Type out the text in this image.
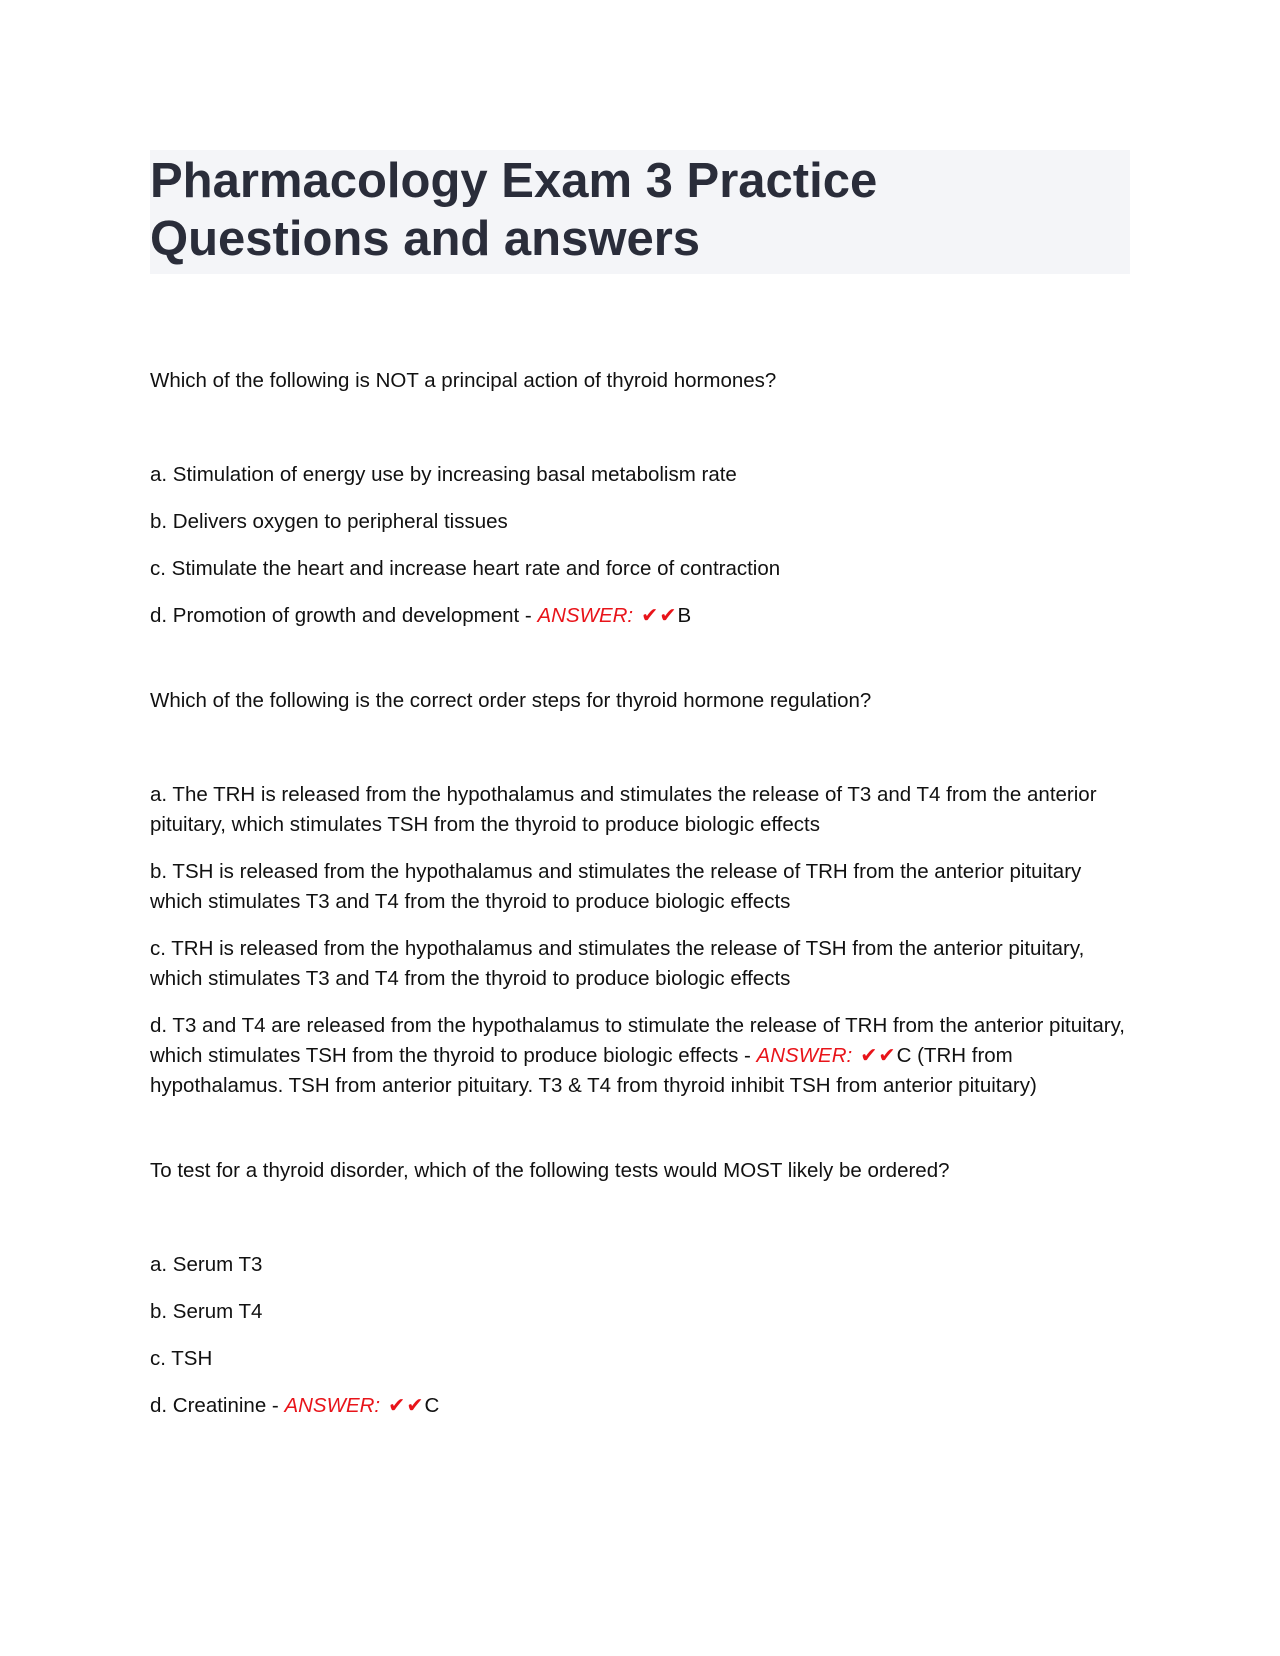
Pharmacology Exam 3 Practice Questions and answers

Which of the following is NOT a principal action of thyroid hormones?

a. Stimulation of energy use by increasing basal metabolism rate

b. Delivers oxygen to peripheral tissues

c. Stimulate the heart and increase heart rate and force of contraction

d. Promotion of growth and development - ANSWER: ✔✔B

Which of the following is the correct order steps for thyroid hormone regulation?

a. The TRH is released from the hypothalamus and stimulates the release of T3 and T4 from the anterior pituitary, which stimulates TSH from the thyroid to produce biologic effects

b. TSH is released from the hypothalamus and stimulates the release of TRH from the anterior pituitary which stimulates T3 and T4 from the thyroid to produce biologic effects

c. TRH is released from the hypothalamus and stimulates the release of TSH from the anterior pituitary, which stimulates T3 and T4 from the thyroid to produce biologic effects

d. T3 and T4 are released from the hypothalamus to stimulate the release of TRH from the anterior pituitary, which stimulates TSH from the thyroid to produce biologic effects - ANSWER: ✔✔C (TRH from hypothalamus. TSH from anterior pituitary. T3 & T4 from thyroid inhibit TSH from anterior pituitary)

To test for a thyroid disorder, which of the following tests would MOST likely be ordered?

a. Serum T3

b. Serum T4

c. TSH

d. Creatinine - ANSWER: ✔✔C
